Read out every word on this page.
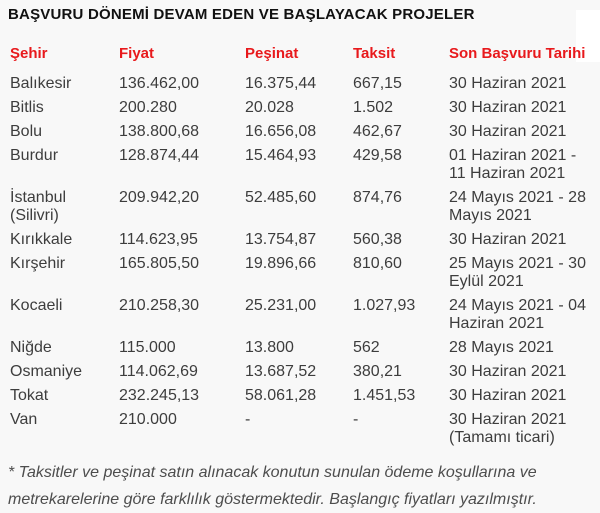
BAŞVURU DÖNEMİ DEVAM EDEN VE BAŞLAYACAK PROJELER
Şehir	Fiyat	Peşinat	Taksit	Son Başvuru Tarihi
Balıkesir	136.462,00	16.375,44	667,15	30 Haziran 2021
Bitlis	200.280	20.028	1.502	30 Haziran 2021
Bolu	138.800,68	16.656,08	462,67	30 Haziran 2021
Burdur	128.874,44	15.464,93	429,58	01 Haziran 2021 - 11 Haziran 2021
İstanbul (Silivri)	209.942,20	52.485,60	874,76	24 Mayıs 2021 - 28 Mayıs 2021
Kırıkkale	114.623,95	13.754,87	560,38	30 Haziran 2021
Kırşehir	165.805,50	19.896,66	810,60	25 Mayıs 2021 - 30 Eylül 2021
Kocaeli	210.258,30	25.231,00	1.027,93	24 Mayıs 2021 - 04 Haziran 2021
Niğde	115.000	13.800	562	28 Mayıs 2021
Osmaniye	114.062,69	13.687,52	380,21	30 Haziran 2021
Tokat	232.245,13	58.061,28	1.451,53	30 Haziran 2021
Van	210.000	-	-	30 Haziran 2021 (Tamamı ticari)
* Taksitler ve peşinat satın alınacak konutun sunulan ödeme koşullarına ve metrekarelerine göre farklılık göstermektedir. Başlangıç fiyatları yazılmıştır.
